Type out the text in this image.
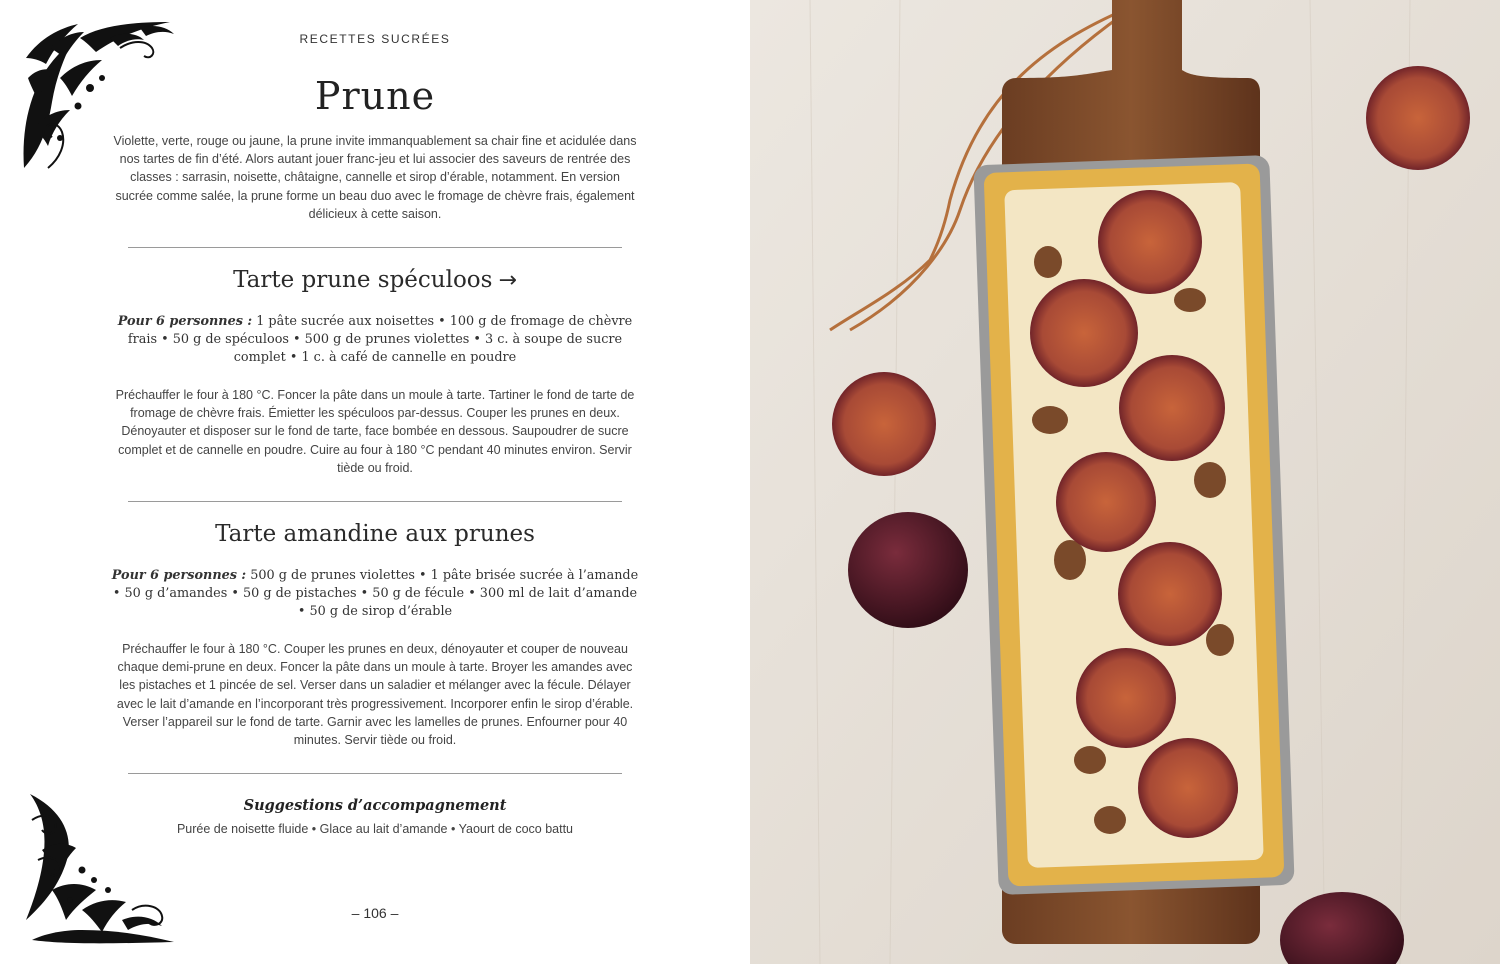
RECETTES SUCRÉES
Prune
Violette, verte, rouge ou jaune, la prune invite immanquablement sa chair fine et acidulée dans nos tartes de fin d’été. Alors autant jouer franc-jeu et lui associer des saveurs de rentrée des classes : sarrasin, noisette, châtaigne, cannelle et sirop d’érable, notamment. En version sucrée comme salée, la prune forme un beau duo avec le fromage de chèvre frais, également délicieux à cette saison.
Tarte prune spéculoos →
Pour 6 personnes : 1 pâte sucrée aux noisettes • 100 g de fromage de chèvre frais • 50 g de spéculoos • 500 g de prunes violettes • 3 c. à soupe de sucre complet • 1 c. à café de cannelle en poudre
Préchauffer le four à 180 °C. Foncer la pâte dans un moule à tarte. Tartiner le fond de tarte de fromage de chèvre frais. Émietter les spéculoos par-dessus. Couper les prunes en deux. Dénoyauter et disposer sur le fond de tarte, face bombée en dessous. Saupoudrer de sucre complet et de cannelle en poudre. Cuire au four à 180 °C pendant 40 minutes environ. Servir tiède ou froid.
Tarte amandine aux prunes
Pour 6 personnes : 500 g de prunes violettes • 1 pâte brisée sucrée à l’amande • 50 g d’amandes • 50 g de pistaches • 50 g de fécule • 300 ml de lait d’amande • 50 g de sirop d’érable
Préchauffer le four à 180 °C. Couper les prunes en deux, dénoyauter et couper de nouveau chaque demi-prune en deux. Foncer la pâte dans un moule à tarte. Broyer les amandes avec les pistaches et 1 pincée de sel. Verser dans un saladier et mélanger avec la fécule. Délayer avec le lait d’amande en l’incorporant très progressivement. Incorporer enfin le sirop d’érable. Verser l’appareil sur le fond de tarte. Garnir avec les lamelles de prunes. Enfourner pour 40 minutes. Servir tiède ou froid.
Suggestions d’accompagnement
Purée de noisette fluide • Glace au lait d’amande • Yaourt de coco battu
– 106 –
